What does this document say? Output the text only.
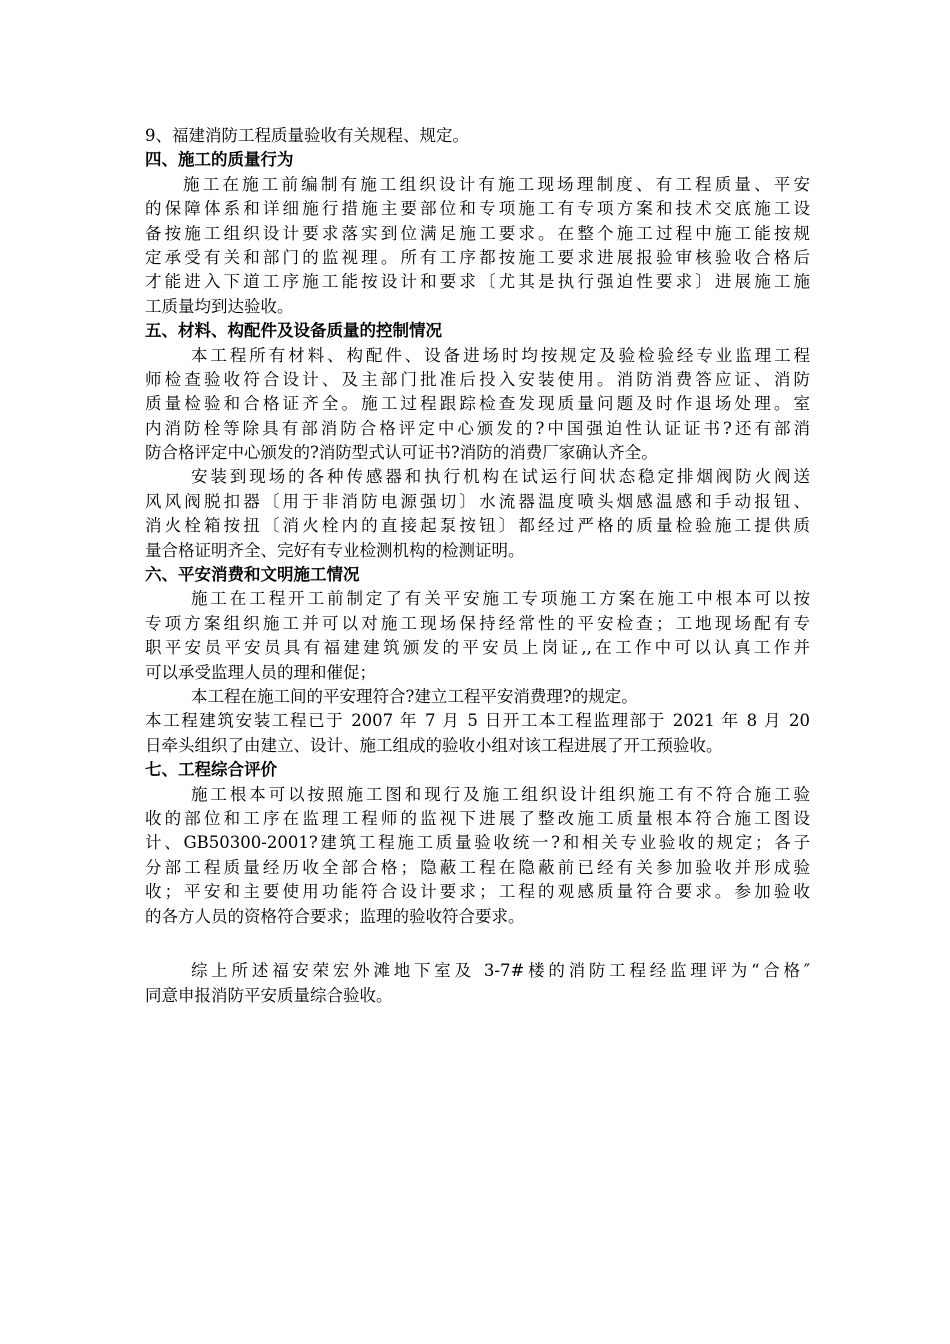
9、福建消防工程质量验收有关规程、规定。
四、施工的质量行为
施工在施工前编制有施工组织设计有施工现场理制度、有工程质量、平安
的保障体系和详细施行措施主要部位和专项施工有专项方案和技术交底施工设
备按施工组织设计要求落实到位满足施工要求。在整个施工过程中施工能按规
定承受有关和部门的监视理。所有工序都按施工要求进展报验审核验收合格后
才能进入下道工序施工能按设计和要求〔尤其是执行强迫性要求〕进展施工施
工质量均到达验收。
五、材料、构配件及设备质量的控制情况
本工程所有材料、构配件、设备进场时均按规定及验检验经专业监理工程
师检查验收符合设计、及主部门批准后投入安装使用。消防消费答应证、消防
质量检验和合格证齐全。施工过程跟踪检查发现质量问题及时作退场处理。室
内消防栓等除具有部消防合格评定中心颁发的?中国强迫性认证证书?还有部消
防合格评定中心颁发的?消防型式认可证书?消防的消费厂家确认齐全。
安装到现场的各种传感器和执行机构在试运行间状态稳定排烟阀防火阀送
风风阀脱扣器〔用于非消防电源强切〕水流器温度喷头烟感温感和手动报钮、
消火栓箱按扭〔消火栓内的直接起泵按钮〕都经过严格的质量检验施工提供质
量合格证明齐全、完好有专业检测机构的检测证明。
六、平安消费和文明施工情况
施工在工程开工前制定了有关平安施工专项施工方案在施工中根本可以按
专项方案组织施工并可以对施工现场保持经常性的平安检查；工地现场配有专
职平安员平安员具有福建建筑颁发的平安员上岗证,,在工作中可以认真工作并
可以承受监理人员的理和催促；
本工程在施工间的平安理符合?建立工程平安消费理?的规定。
本工程建筑安装工程已于 2007 年 7 月 5 日开工本工程监理部于 2021 年 8 月 20
日牵头组织了由建立、设计、施工组成的验收小组对该工程进展了开工预验收。
七、工程综合评价
施工根本可以按照施工图和现行及施工组织设计组织施工有不符合施工验
收的部位和工序在监理工程师的监视下进展了整改施工质量根本符合施工图设
计、GB50300-2001?建筑工程施工质量验收统一?和相关专业验收的规定；各子
分部工程质量经历收全部合格；隐蔽工程在隐蔽前已经有关参加验收并形成验
收；平安和主要使用功能符合设计要求；工程的观感质量符合要求。参加验收
的各方人员的资格符合要求；监理的验收符合要求。
综上所述福安荣宏外滩地下室及 3-7#楼的消防工程经监理评为“合格″
同意申报消防平安质量综合验收。
